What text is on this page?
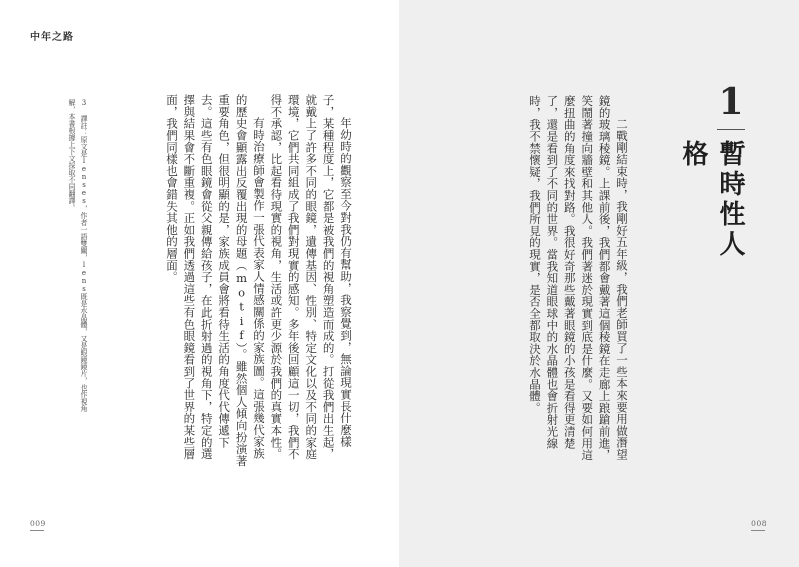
中年之路

年幼時的觀察至今對我仍有幫助，我察覺到，無論現實長什麼樣子，某種程度上，它都是被我們的視角塑造而成的。打從我們出生起，就戴上了許多不同的眼鏡，遺傳基因、性別、特定文化以及不同的家庭環境，它們共同組成了我們對現實的感知。多年後回顧這一切，我們不得不承認，比起看待現實的視角，生活或許更少源於我們的真實本性。

有時治療師會製作一張代表家人情感關係的家族圖。這張幾代家族的歷史會顯露出反覆出現的母題（motif）。雖然個人傾向扮演著重要角色，但很明顯的是，家族成員會將看待生活的角度代代傳遞下去。這些有色眼鏡會從父親傳給孩子，在此折射過的視角下，特定的選擇與結果會不斷重複。正如我們透過這些有色眼鏡看到了世界的某些層面，我們同樣也會錯失其他的層面。

3 譯註：原文是lenses，作者一語雙關，lens既是水晶體，又是眼鏡鏡片，也作視角解，本書根據上下文採取不同翻譯。
009	008

二戰剛結束時，我剛好五年級，我們老師買了一些本來要用做潛望鏡的玻璃稜鏡。上課前後，我們都會戴著這個稜鏡在走廊上踉蹌前進，笑鬧著撞向牆壁和其他人。我們著迷於現實到底是什麼。又要如何用這麼扭曲的角度來找對路。我很好奇那些戴著眼鏡的小孩是看得更清楚了，還是看到了不同的世界。當我知道眼球中的水晶體也會折射光線時，我不禁懷疑，我們所見的現實，是否全都取決於水晶體。	1
暫時性人格
